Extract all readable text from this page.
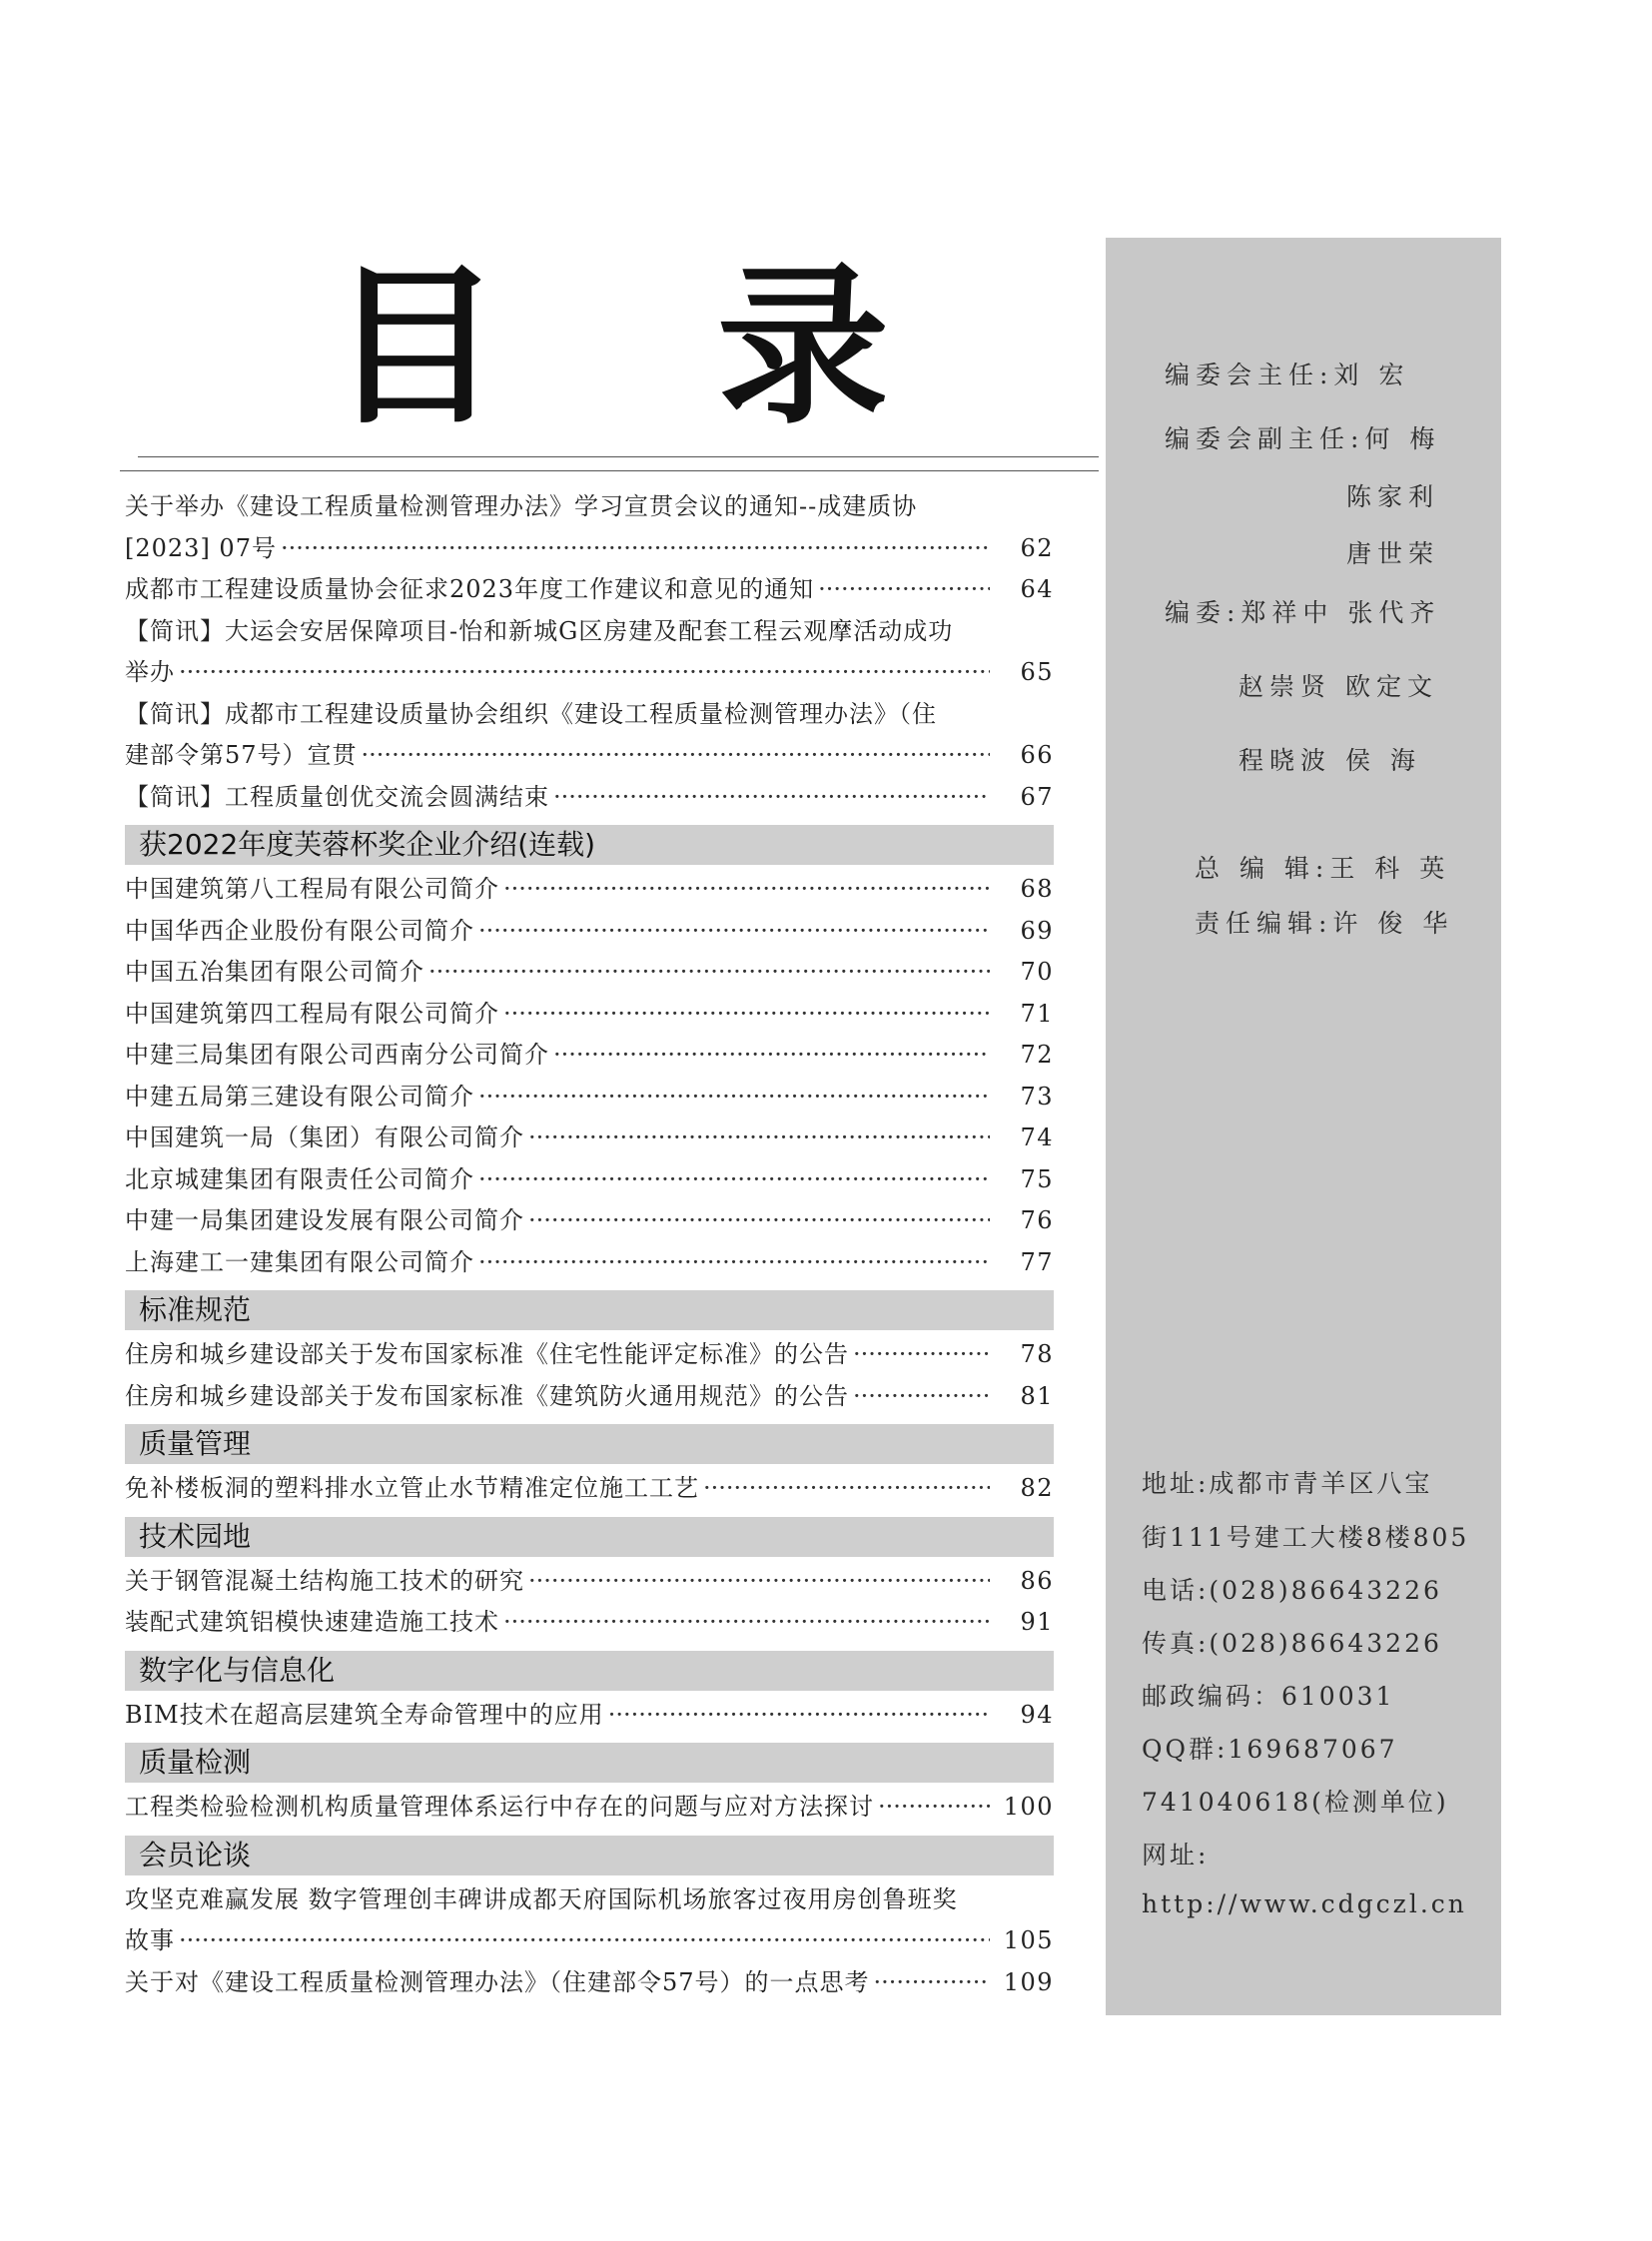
目 录
关于举办《建设工程质量检测管理办法》学习宣贯会议的通知--成建质协
[2023] 07号 ·····	62
成都市工程建设质量协会征求2023年度工作建议和意见的通知 ·····	64
【简讯】大运会安居保障项目-怡和新城G区房建及配套工程云观摩活动成功
举办 ·····	65
【简讯】成都市工程建设质量协会组织《建设工程质量检测管理办法》（住
建部令第57号）宣贯 ·····	66
【简讯】工程质量创优交流会圆满结束 ·····	67
获2022年度芙蓉杯奖企业介绍(连载)
中国建筑第八工程局有限公司简介 ·····	68
中国华西企业股份有限公司简介 ·····	69
中国五冶集团有限公司简介 ·····	70
中国建筑第四工程局有限公司简介 ·····	71
中建三局集团有限公司西南分公司简介 ·····	72
中建五局第三建设有限公司简介 ·····	73
中国建筑一局（集团）有限公司简介 ·····	74
北京城建集团有限责任公司简介 ·····	75
中建一局集团建设发展有限公司简介 ·····	76
上海建工一建集团有限公司简介 ·····	77
标准规范
住房和城乡建设部关于发布国家标准《住宅性能评定标准》的公告 ·····	78
住房和城乡建设部关于发布国家标准《建筑防火通用规范》的公告 ·····	81
质量管理
免补楼板洞的塑料排水立管止水节精准定位施工工艺 ·····	82
技术园地
关于钢管混凝土结构施工技术的研究 ·····	86
装配式建筑铝模快速建造施工技术 ·····	91
数字化与信息化
BIM技术在超高层建筑全寿命管理中的应用 ·····	94
质量检测
工程类检验检测机构质量管理体系运行中存在的问题与应对方法探讨 ·····	100
会员论谈
攻坚克难赢发展 数字管理创丰碑讲成都天府国际机场旅客过夜用房创鲁班奖
故事 ·····	105
关于对《建设工程质量检测管理办法》（住建部令57号）的一点思考 ·····	109
编委会主任:刘 宏
编委会副主任:何 梅
陈家利
唐世荣
编委:郑祥中 张代齐
赵崇贤 欧定文
程晓波 侯 海
总 编 辑:王 科 英
责任编辑:许 俊 华
地址:成都市青羊区八宝
街111号建工大楼8楼805
电话:(028)86643226
传真:(028)86643226
邮政编码：610031
QQ群:169687067
741040618(检测单位)
网址:
http://www.cdgczl.cn
